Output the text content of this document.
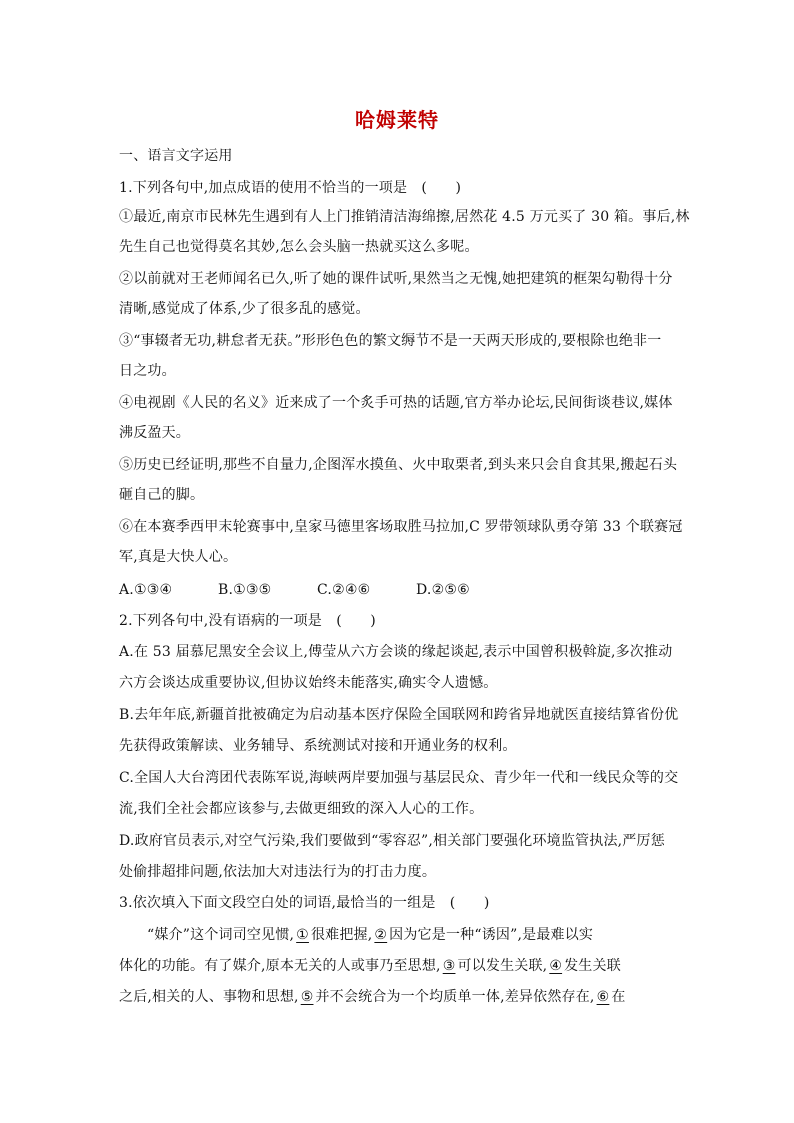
哈姆莱特
一、语言文字运用
1.下列各句中,加点成语的使用不恰当的一项是　(　　)
①最近,南京市民林先生遇到有人上门推销清洁海绵擦,居然花 4.5 万元买了 30 箱。事后,林
先生自己也觉得莫名其妙,怎么会头脑一热就买这么多呢。
②以前就对王老师闻名已久,听了她的课件试听,果然当之无愧,她把建筑的框架勾勒得十分
清晰,感觉成了体系,少了很多乱的感觉。
③“事辍者无功,耕怠者无获。”形形色色的繁文缛节不是一天两天形成的,要根除也绝非一
日之功。
④电视剧《人民的名义》近来成了一个炙手可热的话题,官方举办论坛,民间街谈巷议,媒体
沸反盈天。
⑤历史已经证明,那些不自量力,企图浑水摸鱼、火中取栗者,到头来只会自食其果,搬起石头
砸自己的脚。
⑥在本赛季西甲末轮赛事中,皇家马德里客场取胜马拉加,C 罗带领球队勇夺第 33 个联赛冠
军,真是大快人心。
A.①③④	B.①③⑤	C.②④⑥	D.②⑤⑥
2.下列各句中,没有语病的一项是　(　　)
A.在 53 届慕尼黑安全会议上,傅莹从六方会谈的缘起谈起,表示中国曾积极斡旋,多次推动
六方会谈达成重要协议,但协议始终未能落实,确实令人遗憾。
B.去年年底,新疆首批被确定为启动基本医疗保险全国联网和跨省异地就医直接结算省份优
先获得政策解读、业务辅导、系统测试对接和开通业务的权利。
C.全国人大台湾团代表陈军说,海峡两岸要加强与基层民众、青少年一代和一线民众等的交
流,我们全社会都应该参与,去做更细致的深入人心的工作。
D.政府官员表示,对空气污染,我们要做到“零容忍”,相关部门要强化环境监管执法,严厉惩
处偷排超排问题,依法加大对违法行为的打击力度。
3.依次填入下面文段空白处的词语,最恰当的一组是　(　　)
“媒介”这个词司空见惯, ① 很难把握, ② 因为它是一种“诱因”,是最难以实
体化的功能。有了媒介,原本无关的人或事乃至思想, ③ 可以发生关联, ④ 发生关联
之后,相关的人、事物和思想, ⑤ 并不会统合为一个均质单一体,差异依然存在, ⑥ 在
